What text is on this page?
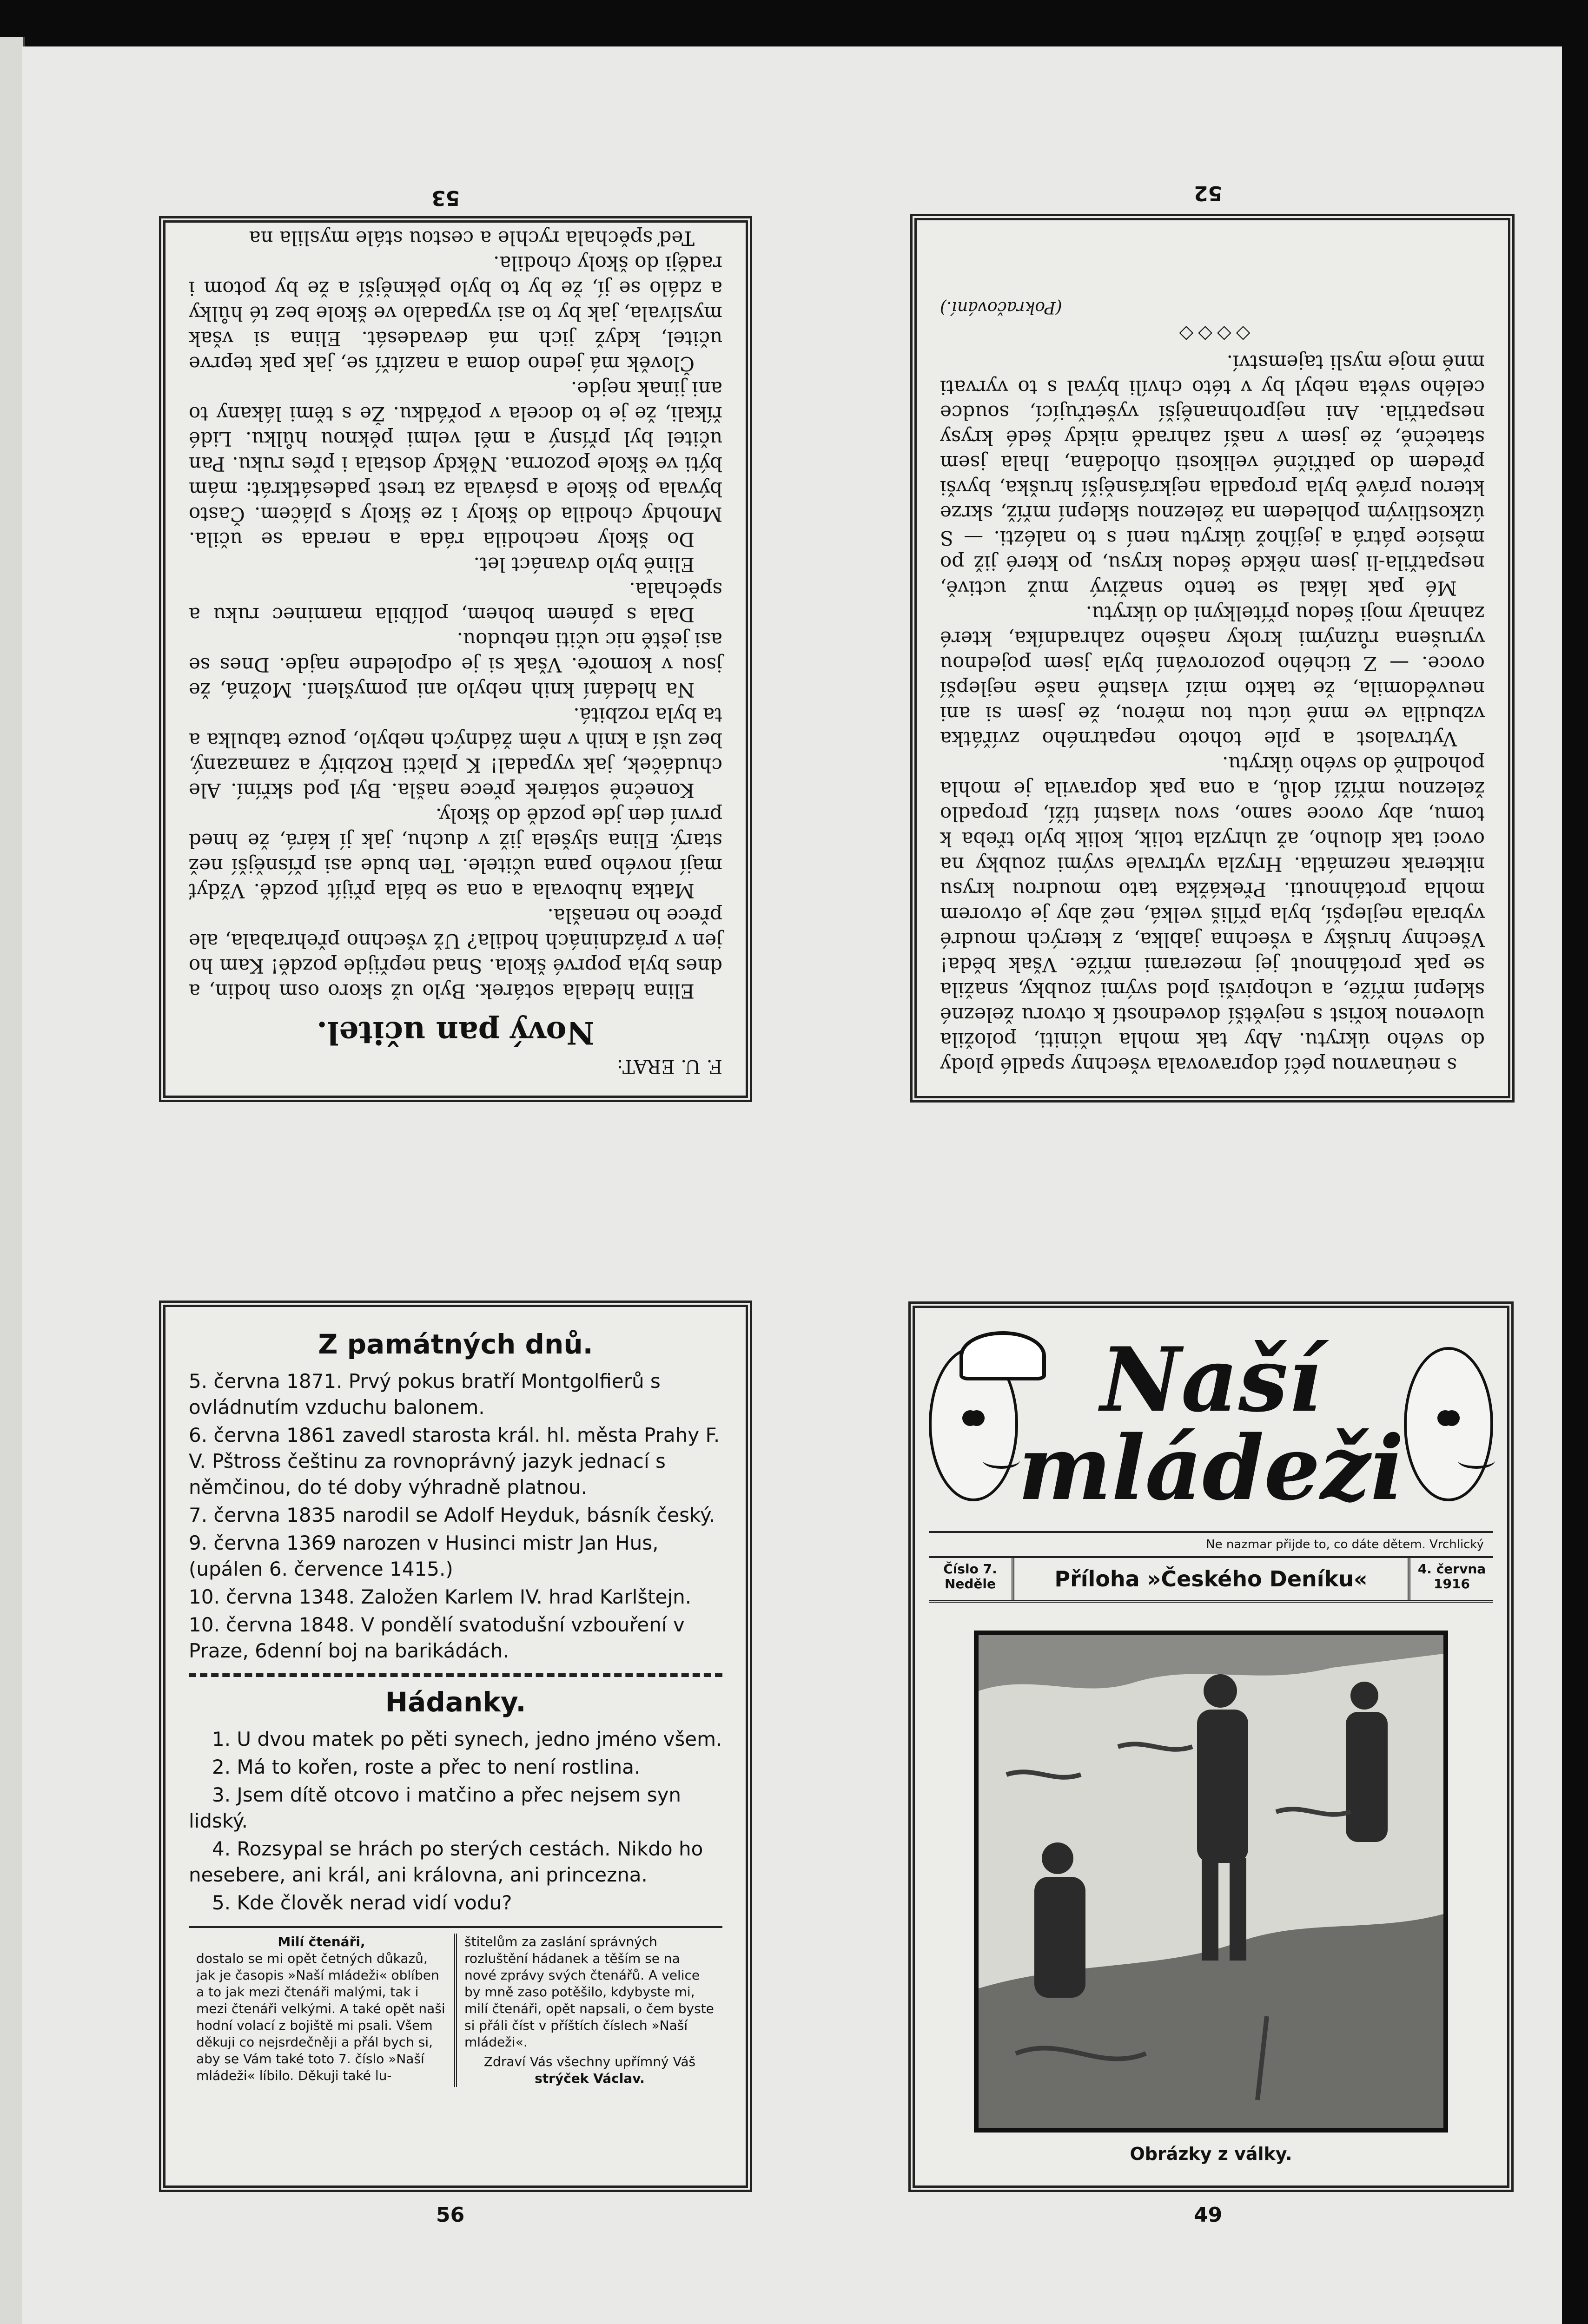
53

F. U. ERAT:

Nový pan učitel.

Elina hledala sotárek. Bylo už skoro osm hodin, a dnes byla poprvé škola. Snad nepřijde pozdě! Kam ho jen v prázdninách hodila? Už všechno přehrabala, ale přece ho nenašla.

Matka hubovala a ona se bála přijít pozdě. Vždyť mají nového pana učitele. Ten bude asi přísnější než starý. Elina slyšela již v duchu, jak jí kárá, že hned první den jde pozdě do školy.

Konečně sotárek přece našla. Byl pod skříní. Ale chudáček, jak vypadal! K plačti Rozbitý a zamazaný, bez uší a knih v něm žádných nebylo, pouze tabulka a ta byla rozbitá.

Na hledání knih nebylo ani pomyšlení. Možná, že jsou v komoře. Však si je odpoledne najde. Dnes se asi ještě nic učiti nebudou.

Dala s pánem bohem, políbila maminec ruku a spěchala.

Elině bylo dvanáct let.

Do školy nechodila ráda a nerada se učila. Mnohdy chodila do školy i ze školy s pláčem. Často bývala po škole a psávala za trest padesátkrát: mám býti ve škole pozorna. Někdy dostala i přes ruku. Pan učitel byl přísný a měl velmi pěknou hůlku. Lidé říkali, že je to docela v pořádku. Že s těmi lákany to ani jinak nejde.

Člověk má jedno doma a nazítří se, jak pak teprve učitel, když jich má devadesát. Elina si však myslívala, jak by to asi vypadalo ve škole bez té hůlky a zdálo se jí, že by to bylo pěknější a že by potom i raději do školy chodila.

Teď spěchala rychle a cestou stále myslila na

52

s neúnavnou péčí dopravovala všechny spadlé plody do svého úkrytu. Aby tak mohla učiniti, položila ulovenou kořist s největší dovedností k otvoru železné sklepní mříže, a uchopivši plod svými zoubky, snažila se pak protáhnout jej mezerami mříže. Však běda! Všechny hrušky a všechna jablka, z kterých moudré vybrala nejlepší, byla příliš velká, než aby je otvorem mohla protáhnouti. Překážka tato moudrou krysu nikterak nezmátla. Hryzla vytrvale svými zoubky na ovoci tak dlouho, až uhryzla tolik, kolik bylo třeba k tomu, aby ovoce samo, svou vlastní tíží, propadlo železnou mříží dolů, a ona pak dopravila je mohla pohodlně do svého úkrytu.

Vytrvalost a píle tohoto nepatrného zvířátka vzbudila ve mně úctu tou měrou, že jsem si ani neuvědomila, že takto mizí vlastně naše nejlepší ovoce. — Z tichého pozorování byla jsem pojednou vyrušena různými kroky našeho zahradníka, které zahnaly moji šedou přítelkyni do úkrytu.

Mé pak lákal se tento snaživý muž uctivě, nespatřila-li jsem někde šedou krysu, po které již po měsíce pátrá a jejíhož úkrytu není s to nalézti. — S úzkostlivým pohledem na železnou sklepní mříž, skrze kterou právě byla propadla nejkrásnější hruška, byvši předem do patřičné velikosti ohlodána, lhala jsem statečně, že jsem v naší zahradě nikdy šedé krysy nespatřila. Ani nejprohnanější vyšetřující, soudce celého světa nebyl by v této chvíli býval s to vyrvati mně moje mysli tajemství.

◇◇◇◇

(Pokračování.)

Z památných dnů.
5. června 1871. Prvý pokus bratří Montgolfierů s ovládnutím vzduchu balonem.
6. června 1861 zavedl starosta král. hl. města Prahy F. V. Pštross češtinu za rovnoprávný jazyk jednací s němčinou, do té doby výhradně platnou.
7. června 1835 narodil se Adolf Heyduk, básník český.
9. června 1369 narozen v Husinci mistr Jan Hus, (upálen 6. července 1415.)
10. června 1348. Založen Karlem IV. hrad Karlštejn.
10. června 1848. V pondělí svatodušní vzbouření v Praze, 6denní boj na barikádách.
Hádanky.
1. U dvou matek po pěti synech, jedno jméno všem.
2. Má to kořen, roste a přec to není rostlina.
3. Jsem dítě otcovo i matčino a přec nejsem syn lidský.
4. Rozsypal se hrách po sterých cestách. Nikdo ho nesebere, ani král, ani královna, ani princezna.
5. Kde člověk nerad vidí vodu?
Milí čtenáři,
dostalo se mi opět četných důkazů, jak je časopis »Naší mládeži« oblíben a to jak mezi čtenáři malými, tak i mezi čtenáři velkými. A také opět naši hodní volací z bojiště mi psali. Všem děkuji co nejsrdečněji a přál bych si, aby se Vám také toto 7. číslo »Naší mládeži« líbilo. Děkuji také lu-
štitelům za zaslání správných rozluštění hádanek a těším se na nové zprávy svých čtenářů. A velice by mně zaso potěšilo, kdybyste mi, milí čtenáři, opět napsali, o čem byste si přáli číst v příštích číslech »Naší mládeži«.
Zdraví Vás všechny upřímný Váš
strýček Václav.
56
Naší
mládeži
Ne nazmar přijde to, co dáte dětem. Vrchlický
Číslo 7. Neděle	Příloha »Českého Deníku«	4. června 1916
Obrázky z války.
49
